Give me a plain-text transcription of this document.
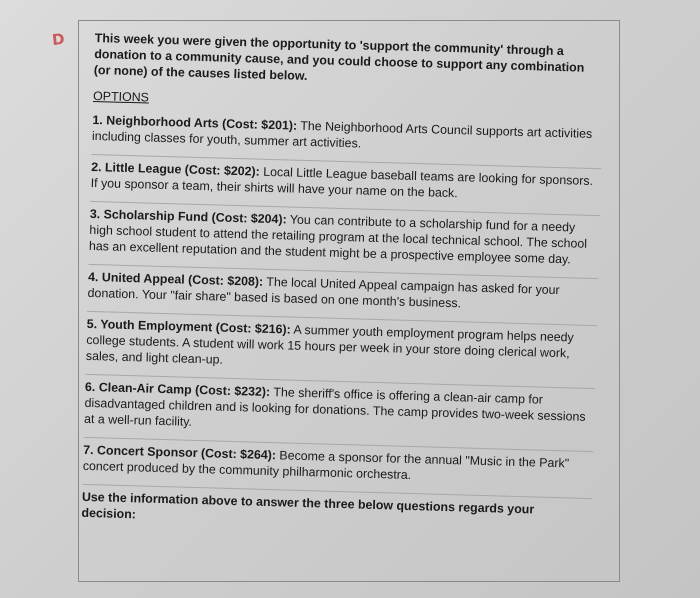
D	This week you were given the opportunity to 'support the community' through a donation to a community cause, and you could choose to support any combination (or none) of the causes listed below.

OPTIONS
1. Neighborhood Arts (Cost: $201): The Neighborhood Arts Council supports art activities including classes for youth, summer art activities.
2. Little League (Cost: $202): Local Little League baseball teams are looking for sponsors. If you sponsor a team, their shirts will have your name on the back.
3. Scholarship Fund (Cost: $204): You can contribute to a scholarship fund for a needy high school student to attend the retailing program at the local technical school. The school has an excellent reputation and the student might be a prospective employee some day.
4. United Appeal (Cost: $208): The local United Appeal campaign has asked for your donation. Your "fair share" based is based on one month's business.
5. Youth Employment (Cost: $216): A summer youth employment program helps needy college students. A student will work 15 hours per week in your store doing clerical work, sales, and light clean-up.
6. Clean-Air Camp (Cost: $232): The sheriff's office is offering a clean-air camp for disadvantaged children and is looking for donations. The camp provides two-week sessions at a well-run facility.
7. Concert Sponsor (Cost: $264): Become a sponsor for the annual "Music in the Park" concert produced by the community philharmonic orchestra.
Use the information above to answer the three below questions regards your decision:
